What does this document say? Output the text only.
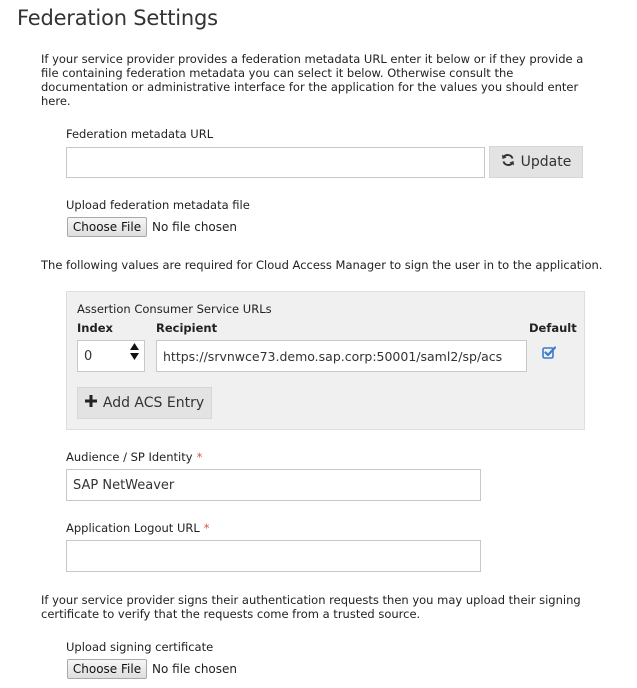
Federation Settings
If your service provider provides a federation metadata URL enter it below or if they provide a file containing federation metadata you can select it below. Otherwise consult the documentation or administrative interface for the application for the values you should enter here.
Federation metadata URL
Update
Upload federation metadata file
Choose File No file chosen
The following values are required for Cloud Access Manager to sign the user in to the application.
Assertion Consumer Service URLs
Index	Recipient	Default
0
https://srvnwce73.demo.sap.corp:50001/saml2/sp/acs
Add ACS Entry
Audience / SP Identity *
SAP NetWeaver
Application Logout URL *
If your service provider signs their authentication requests then you may upload their signing certificate to verify that the requests come from a trusted source.
Upload signing certificate
Choose File No file chosen
